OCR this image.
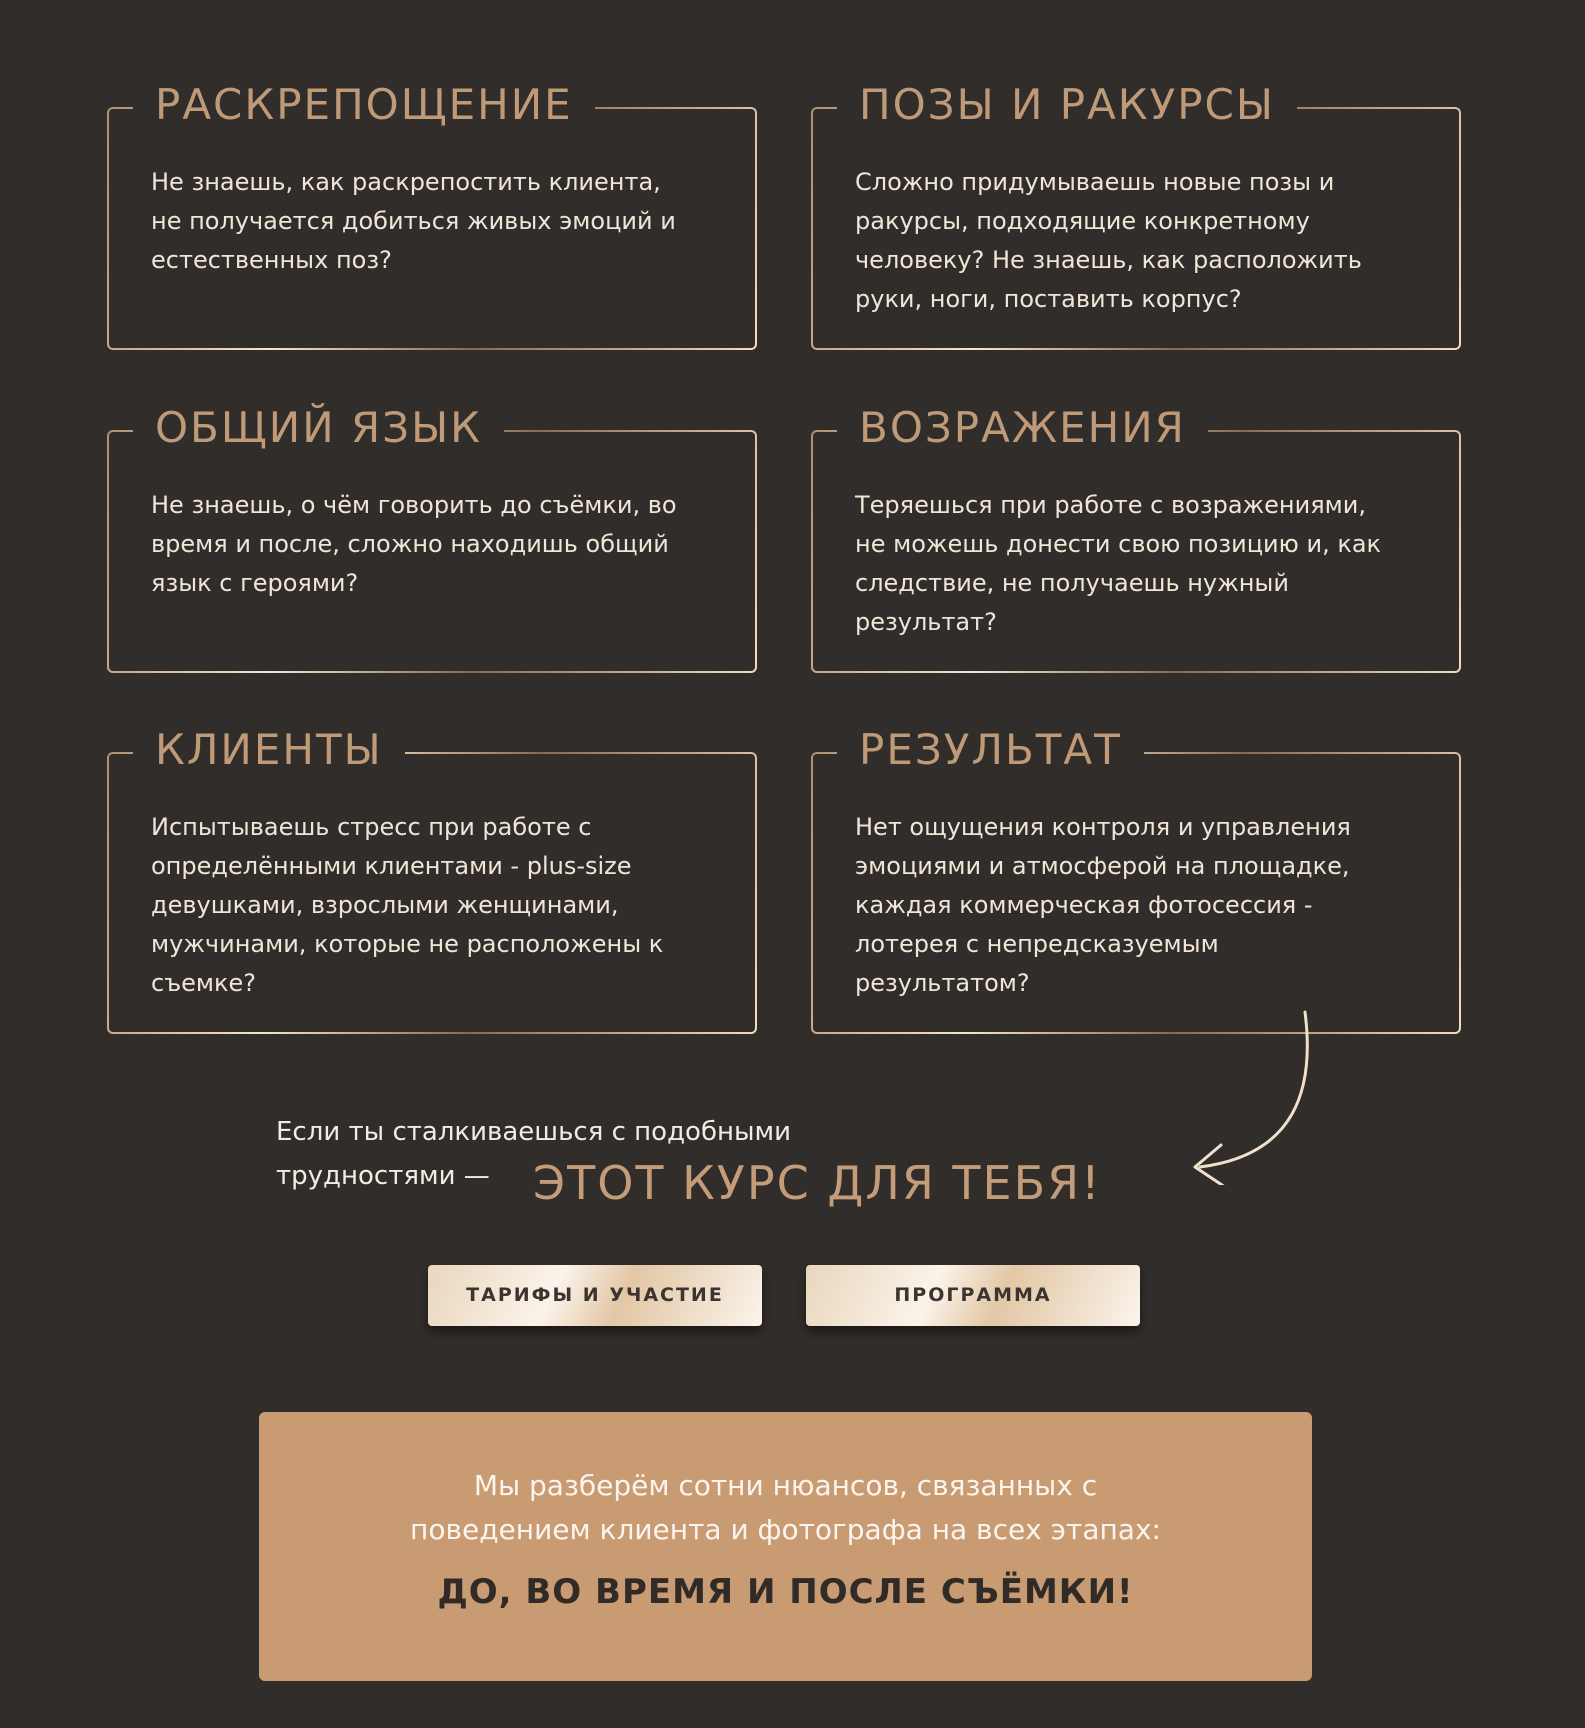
РАСКРЕПОЩЕНИЕ

Не знаешь, как раскрепостить клиента,
не получается добиться живых эмоций и
естественных поз?

ПОЗЫ И РАКУРСЫ

Сложно придумываешь новые позы и
ракурсы, подходящие конкретному
человеку? Не знаешь, как расположить
руки, ноги, поставить корпус?

ОБЩИЙ ЯЗЫК

Не знаешь, о чём говорить до съёмки, во
время и после, сложно находишь общий
язык с героями?

ВОЗРАЖЕНИЯ

Теряешься при работе с возражениями,
не можешь донести свою позицию и, как
следствие, не получаешь нужный
результат?

КЛИЕНТЫ

Испытываешь стресс при работе с
определёнными клиентами - plus-size
девушками, взрослыми женщинами,
мужчинами, которые не расположены к
съемке?

РЕЗУЛЬТАТ

Нет ощущения контроля и управления
эмоциями и атмосферой на площадке,
каждая коммерческая фотосессия -
лотерея с непредсказуемым
результатом?

Если ты сталкиваешься с подобными
трудностями — ЭТОТ КУРС ДЛЯ ТЕБЯ!

ТАРИФЫ И УЧАСТИЕ	ПРОГРАММА

Мы разберём сотни нюансов, связанных с
поведением клиента и фотографа на всех этапах:

ДО, ВО ВРЕМЯ И ПОСЛЕ СЪЁМКИ!
